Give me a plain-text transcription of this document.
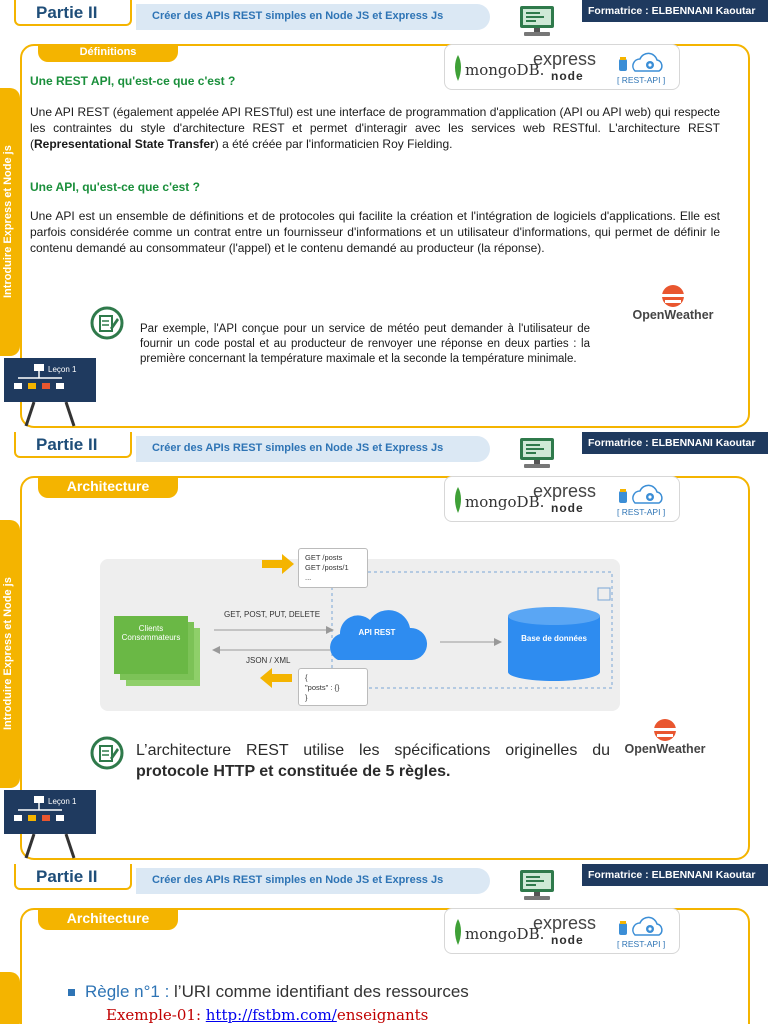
Partie II	Créer des APIs REST simples en Node JS et Express Js	Formatrice : ELBENNANI Kaoutar
Introduire Express et Node js
Définitions
mongoDB.
express
node	[ REST-API ]
Une REST API, qu'est-ce que c'est ?
Une API REST (également appelée API RESTful) est une interface de programmation d'application (API ou API web) qui respecte les contraintes du style d'architecture REST et permet d'interagir avec les services web RESTful. L'architecture REST (Representational State Transfer) a été créée par l'informaticien Roy Fielding.
Une API, qu'est-ce que c'est ?
Une API est un ensemble de définitions et de protocoles qui facilite la création et l'intégration de logiciels d'applications. Elle est parfois considérée comme un contrat entre un fournisseur d'informations et un utilisateur d'informations, qui permet de définir le contenu demandé au consommateur (l'appel) et le contenu demandé au producteur (la réponse).
Par exemple, l'API conçue pour un service de météo peut demander à l'utilisateur de fournir un code postal et au producteur de renvoyer une réponse en deux parties : la première concernant la température maximale et la seconde la température minimale.
OpenWeather
Leçon 1
Partie II	Créer des APIs REST simples en Node JS et Express Js	Formatrice : ELBENNANI Kaoutar
Introduire Express et Node js
Architecture
mongoDB.
express
node	[ REST-API ]
GET /posts
GET /posts/1
...
{
"posts" : {}
}
Clients
Consommateurs
GET, POST, PUT, DELETE
JSON / XML
API REST
Base de données
L’architecture REST utilise les spécifications originelles du protocole HTTP et constituée de 5 règles.
OpenWeather
Leçon 1
Partie II	Créer des APIs REST simples en Node JS et Express Js	Formatrice : ELBENNANI Kaoutar
Architecture
mongoDB.
express
node	[ REST-API ]
Règle n°1 : l’URI comme identifiant des ressources
Exemple-01: http://fstbm.com/enseignants
